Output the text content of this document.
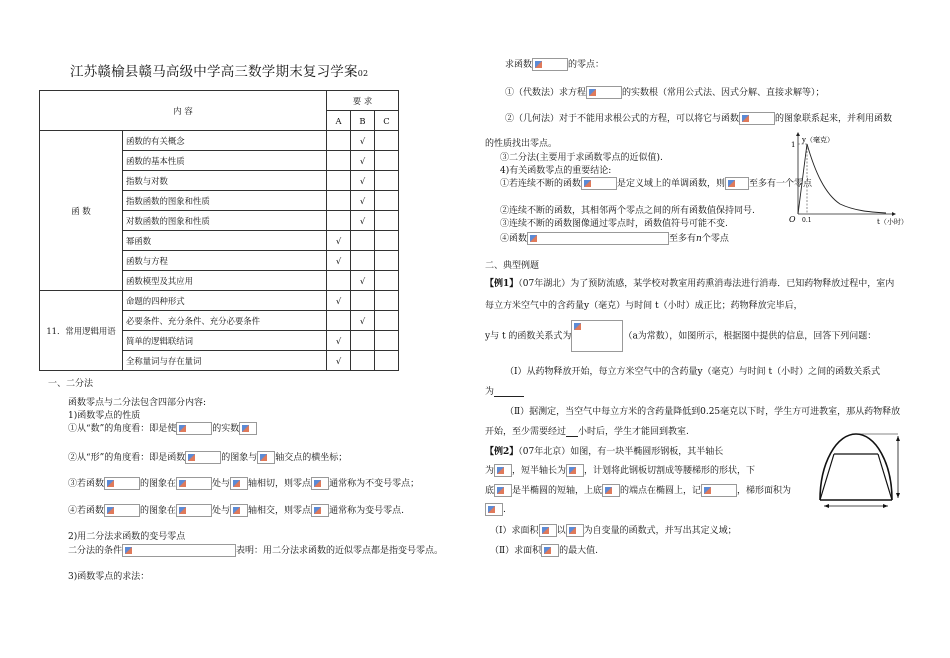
江苏赣榆县赣马高级中学高三数学期末复习学案02
内 容		要 求		
		A	B	C
函 数	函数的有关概念		√	
	函数的基本性质		√	
	指数与对数		√	
	指数函数的图象和性质		√	
	对数函数的图象和性质		√	
	幂函数	√		
	函数与方程	√		
	函数模型及其应用		√	
11．常用逻辑用语	命题的四种形式	√		
	必要条件、充分条件、充分必要条件		√	
	简单的逻辑联结词	√		
	全称量词与存在量词	√		
一、二分法
函数零点与二分法包含四部分内容:
1)函数零点的性质
①从“数”的角度看：即是使	的实数
②从“形”的角度看：即是函数	的图象与 轴交点的横坐标；
③若函数	的图象在	处与 轴相切，则零点 通常称为不变号零点；
④若函数	的图象在	处与 轴相交，则零点 通常称为变号零点.
2)用二分法求函数的变号零点
二分法的条件	表明：用二分法求函数的近似零点都是指变号零点。
3)函数零点的求法：
求函数	的零点：
①（代数法）求方程	的实数根（常用公式法、因式分解、直接求解等）；
②（几何法）对于不能用求根公式的方程，可以将它与函数	的图象联系起来，并利用函数
的性质找出零点。
③二分法(主要用于求函数零点的近似值).
4)有关函数零点的重要结论:
①若连续不断的函数	是定义域上的单调函数，则	至多有一个零点
②连续不断的函数，其相邻两个零点之间的所有函数值保持同号.
③连续不断的函数图像通过零点时，函数值符号可能不变.
④函数	至多有n个零点
y（毫克）
t（小时）
O
1
0.1
二、典型例题
【例1】（07年湖北）为了预防流感，某学校对教室用药熏消毒法进行消毒．已知药物释放过程中，室内
每立方米空气中的含药量y（毫克）与时间 t（小时）成正比；药物释放完毕后，
y与 t 的函数关系式为	（a为常数），如图所示，根据图中提供的信息，回答下列问题：
（Ⅰ）从药物释放开始，每立方米空气中的含药量y（毫克）与时间 t（小时）之间的函数关系式
为
（Ⅱ）据测定，当空气中每立方米的含药量降低到0.25毫克以下时，学生方可进教室，那从药物释放
开始，至少需要经过 小时后，学生才能回到教室.
【例2】（07年北京）如图，有一块半椭圆形钢板，其半轴长
为 ，短半轴长为 ，计划将此钢板切割成等腰梯形的形状，下
底 是半椭圆的短轴，上底 的端点在椭圆上，记	，梯形面积为
.
（Ⅰ）求面积 以 为自变量的函数式，并写出其定义域；
（Ⅱ）求面积 的最大值.
